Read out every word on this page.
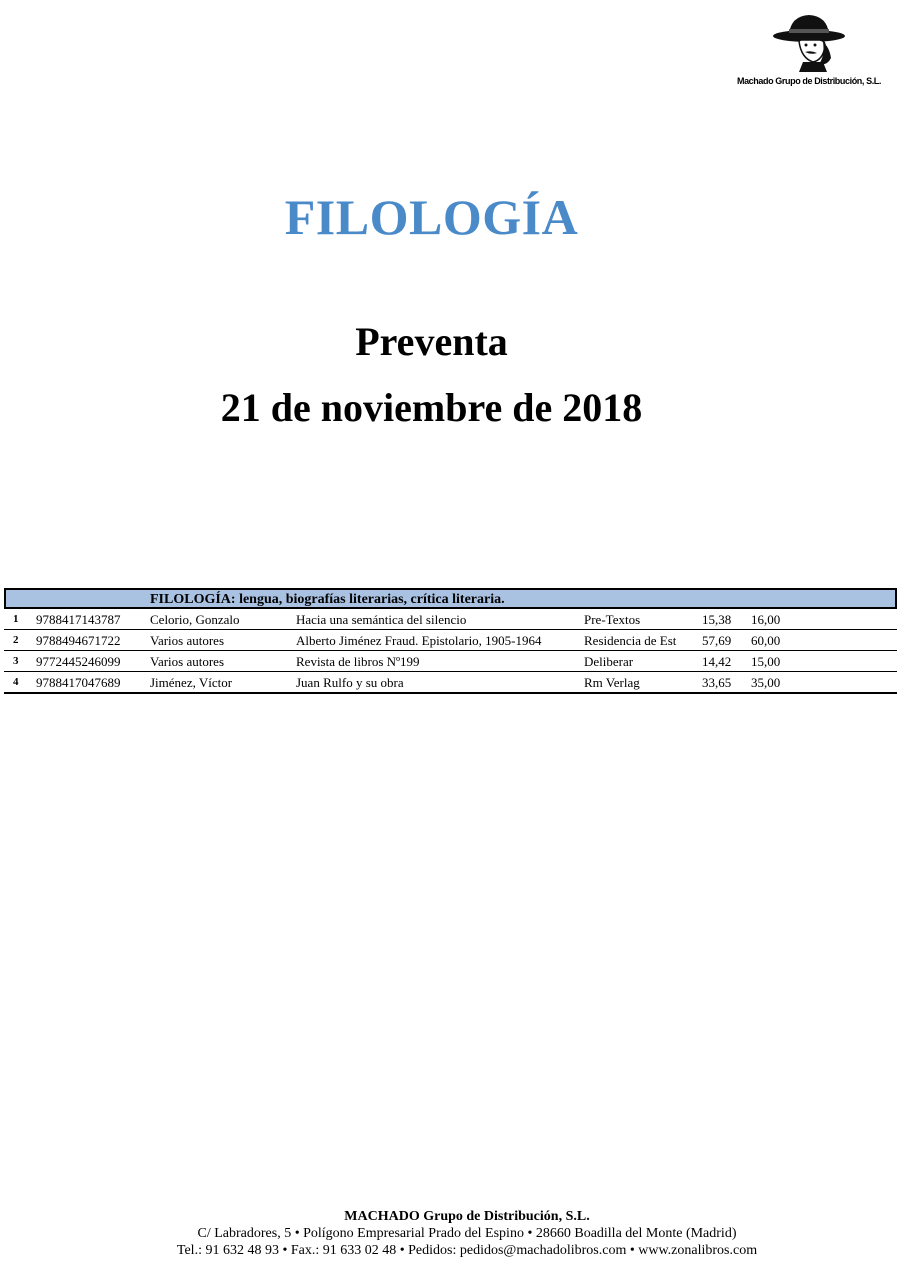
Machado Grupo de Distribución, S.L.
FILOLOGÍA
Preventa
21 de noviembre de 2018
FILOLOGÍA: lengua, biografías literarias, crítica literaria.
1 9788417143787 Celorio, Gonzalo	Hacia una semántica del silencio	Pre-Textos	15,38 16,00
2 9788494671722 Varios autores	Alberto Jiménez Fraud. Epistolario, 1905-1964	Residencia de Est	57,69 60,00
3 9772445246099 Varios autores	Revista de libros Nº199	Deliberar	14,42 15,00
4 9788417047689 Jiménez, Víctor	Juan Rulfo y su obra	Rm Verlag	33,65 35,00
MACHADO Grupo de Distribución, S.L.
C/ Labradores, 5 • Polígono Empresarial Prado del Espino • 28660 Boadilla del Monte (Madrid)
Tel.: 91 632 48 93 • Fax.: 91 633 02 48 • Pedidos: pedidos@machadolibros.com • www.zonalibros.com
